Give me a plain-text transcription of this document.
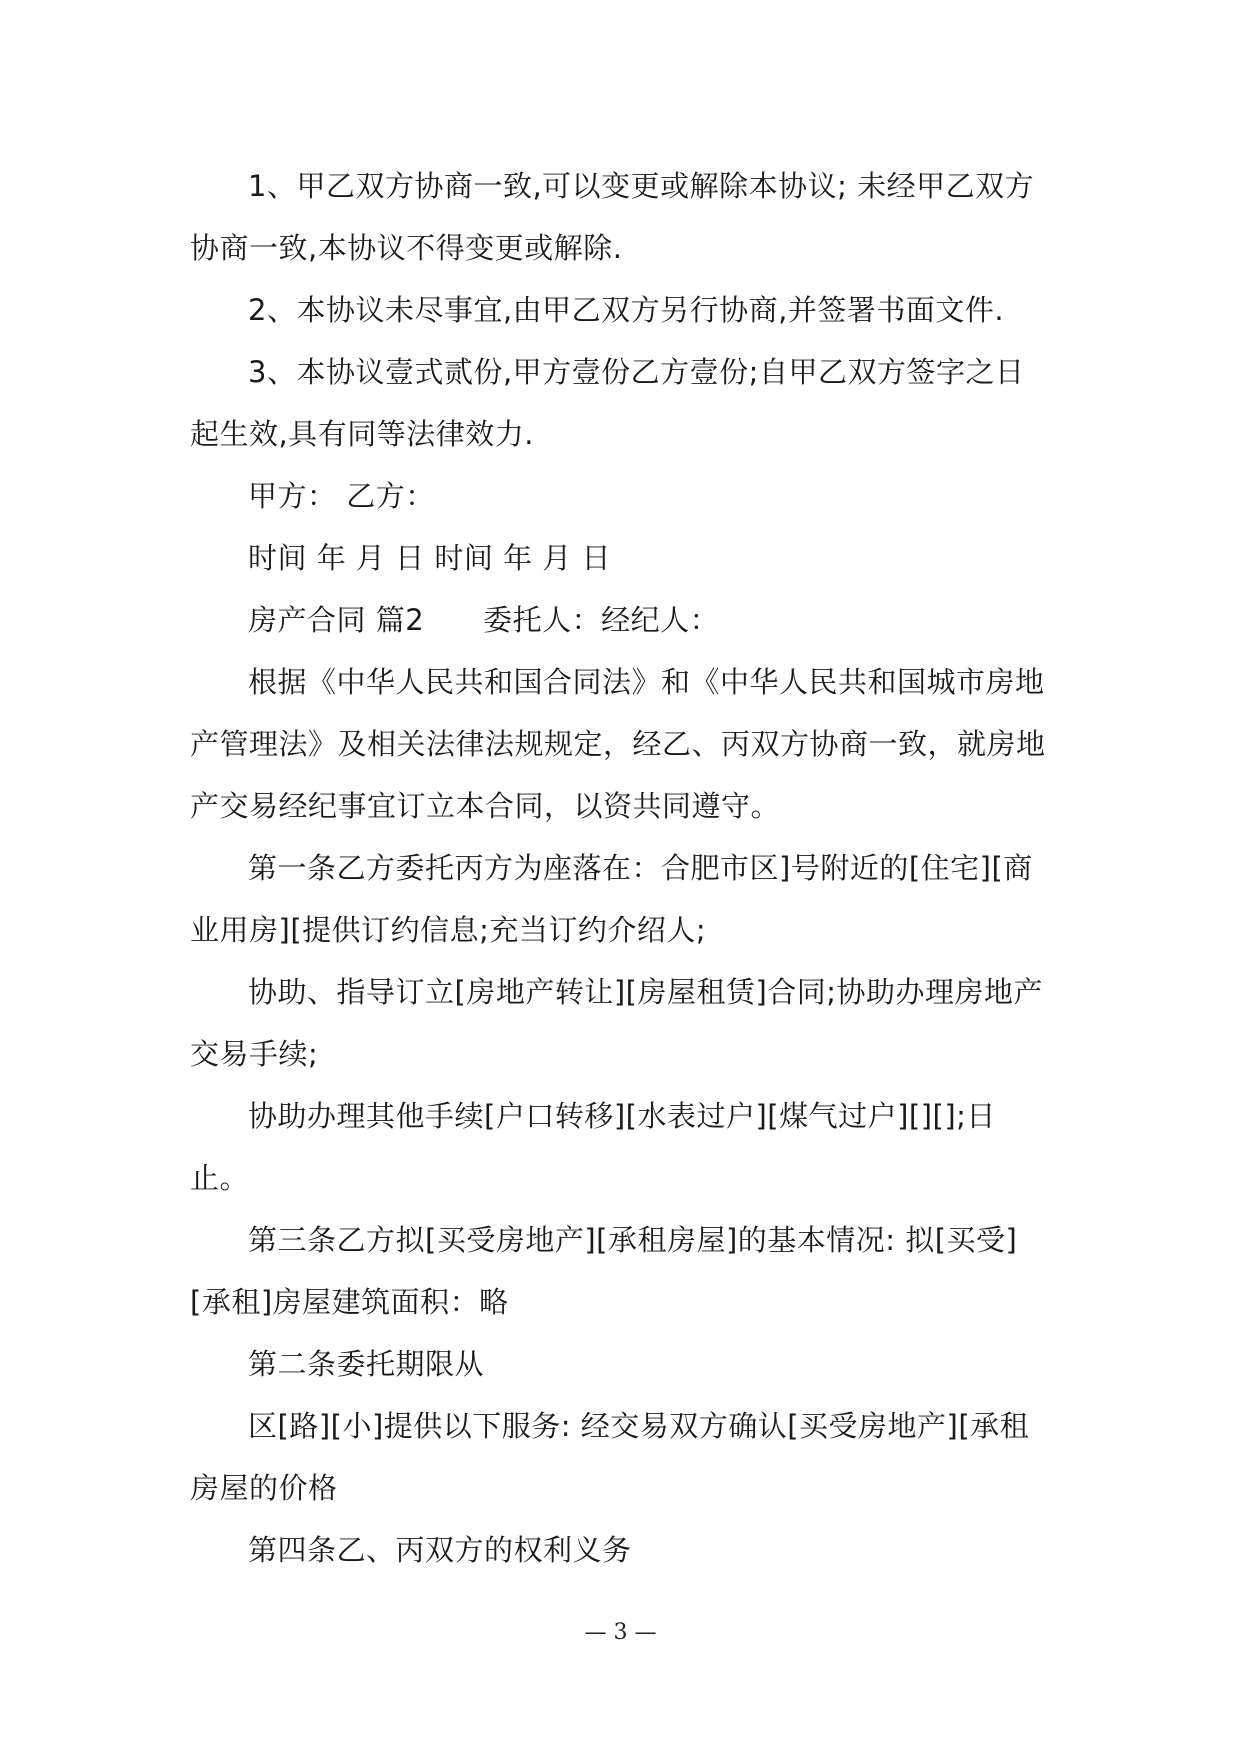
1、甲乙双方协商一致,可以变更或解除本协议; 未经甲乙双方协商一致,本协议不得变更或解除.

2、本协议未尽事宜,由甲乙双方另行协商,并签署书面文件.

3、本协议壹式贰份,甲方壹份乙方壹份;自甲乙双方签字之日起生效,具有同等法律效力.

甲方： 乙方：

时间 年 月 日 时间 年 月 日

房产合同 篇2　　委托人：经纪人：

根据《中华人民共和国合同法》和《中华人民共和国城市房地产管理法》及相关法律法规规定，经乙、丙双方协商一致，就房地产交易经纪事宜订立本合同，以资共同遵守。

第一条乙方委托丙方为座落在：合肥市区]号附近的[住宅][商业用房][提供订约信息;充当订约介绍人;

协助、指导订立[房地产转让][房屋租赁]合同;协助办理房地产交易手续;

协助办理其他手续[户口转移][水表过户][煤气过户][][];日止。

第三条乙方拟[买受房地产][承租房屋]的基本情况: 拟[买受][承租]房屋建筑面积：略

第二条委托期限从

区[路][小]提供以下服务: 经交易双方确认[买受房地产][承租房屋的价格

第四条乙、丙双方的权利义务

— 3 —
